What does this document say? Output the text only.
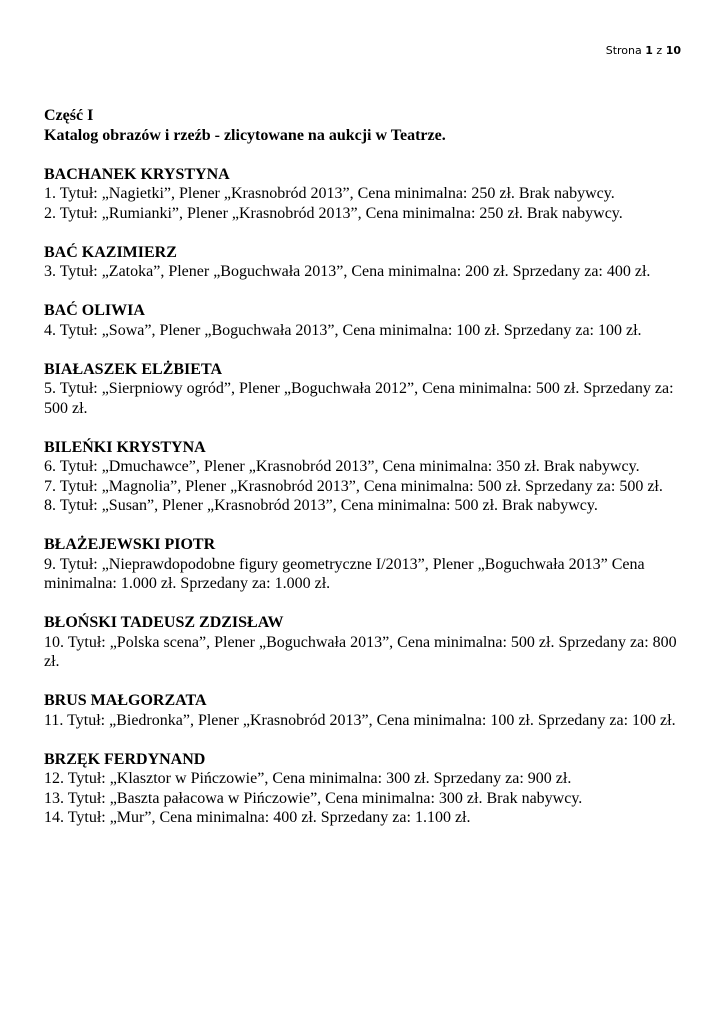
Strona 1 z 10
Część I
Katalog obrazów i rzeźb - zlicytowane na aukcji w Teatrze.
BACHANEK KRYSTYNA
1. Tytuł: „Nagietki”, Plener „Krasnobród 2013”, Cena minimalna: 250 zł. Brak nabywcy.
2. Tytuł: „Rumianki”, Plener „Krasnobród 2013”, Cena minimalna: 250 zł. Brak nabywcy.
BAĆ KAZIMIERZ
3. Tytuł: „Zatoka”, Plener „Boguchwała 2013”, Cena minimalna: 200 zł. Sprzedany za: 400 zł.
BAĆ OLIWIA
4. Tytuł: „Sowa”, Plener „Boguchwała 2013”, Cena minimalna: 100 zł. Sprzedany za: 100 zł.
BIAŁASZEK ELŻBIETA
5. Tytuł: „Sierpniowy ogród”, Plener „Boguchwała 2012”, Cena minimalna: 500 zł. Sprzedany za: 500 zł.
BILEŃKI KRYSTYNA
6. Tytuł: „Dmuchawce”, Plener „Krasnobród 2013”, Cena minimalna: 350 zł. Brak nabywcy.
7. Tytuł: „Magnolia”, Plener „Krasnobród 2013”, Cena minimalna: 500 zł. Sprzedany za: 500 zł.
8. Tytuł: „Susan”, Plener „Krasnobród 2013”, Cena minimalna: 500 zł. Brak nabywcy.
BŁAŻEJEWSKI PIOTR
9. Tytuł: „Nieprawdopodobne figury geometryczne I/2013”, Plener „Boguchwała 2013” Cena minimalna: 1.000 zł. Sprzedany za: 1.000 zł.
BŁOŃSKI TADEUSZ ZDZISŁAW
10. Tytuł: „Polska scena”, Plener „Boguchwała 2013”, Cena minimalna: 500 zł. Sprzedany za: 800 zł.
BRUS MAŁGORZATA
11. Tytuł: „Biedronka”, Plener „Krasnobród 2013”, Cena minimalna: 100 zł. Sprzedany za: 100 zł.
BRZĘK FERDYNAND
12. Tytuł: „Klasztor w Pińczowie”, Cena minimalna: 300 zł. Sprzedany za: 900 zł.
13. Tytuł: „Baszta pałacowa w Pińczowie”, Cena minimalna: 300 zł. Brak nabywcy.
14. Tytuł: „Mur”, Cena minimalna: 400 zł. Sprzedany za: 1.100 zł.
